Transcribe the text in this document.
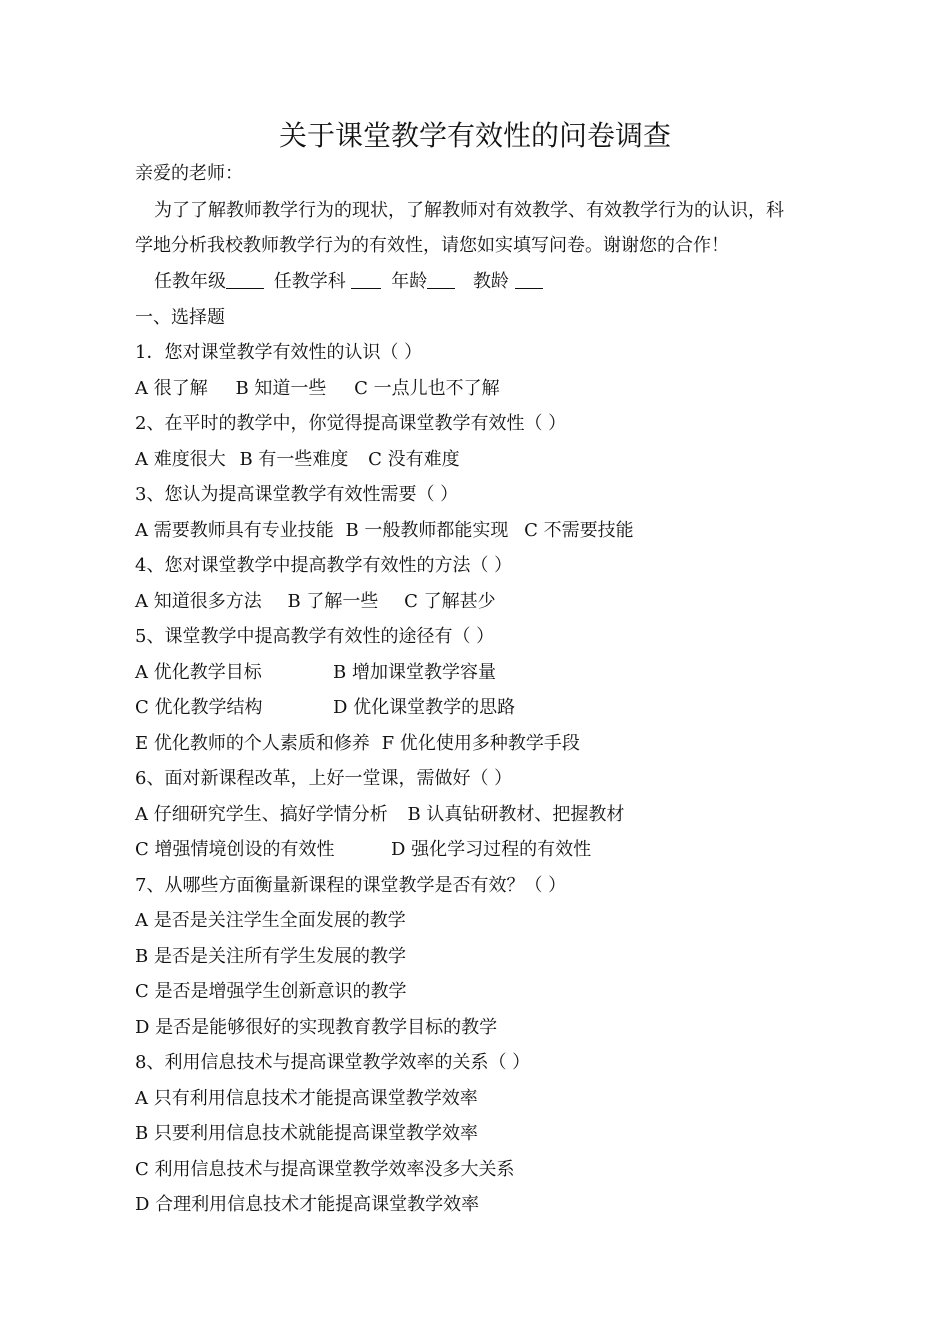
关于课堂教学有效性的问卷调查
亲爱的老师：
为了了解教师教学行为的现状，了解教师对有效教学、有效教学行为的认识，科
学地分析我校教师教学行为的有效性，请您如实填写问卷。谢谢您的合作！
任教年级	任教学科	年龄	教龄
一、选择题
1．您对课堂教学有效性的认识（ ）
A 很了解 B 知道一些 C 一点儿也不了解
2、在平时的教学中，你觉得提高课堂教学有效性（ ）
A 难度很大 B 有一些难度 C 没有难度
3、您认为提高课堂教学有效性需要（ ）
A 需要教师具有专业技能 B 一般教师都能实现 C 不需要技能
4、您对课堂教学中提高教学有效性的方法（ ）
A 知道很多方法 B 了解一些 C 了解甚少
5、课堂教学中提高教学有效性的途径有（ ）
A 优化教学目标	B 增加课堂教学容量
C 优化教学结构	D 优化课堂教学的思路
E 优化教师的个人素质和修养 F 优化使用多种教学手段
6、面对新课程改革，上好一堂课，需做好（ ）
A 仔细研究学生、搞好学情分析 B 认真钻研教材、把握教材
C 增强情境创设的有效性	D 强化学习过程的有效性
7、从哪些方面衡量新课程的课堂教学是否有效？（ ）
A 是否是关注学生全面发展的教学
B 是否是关注所有学生发展的教学
C 是否是增强学生创新意识的教学
D 是否是能够很好的实现教育教学目标的教学
8、利用信息技术与提高课堂教学效率的关系（ ）
A 只有利用信息技术才能提高课堂教学效率
B 只要利用信息技术就能提高课堂教学效率
C 利用信息技术与提高课堂教学效率没多大关系
D 合理利用信息技术才能提高课堂教学效率
